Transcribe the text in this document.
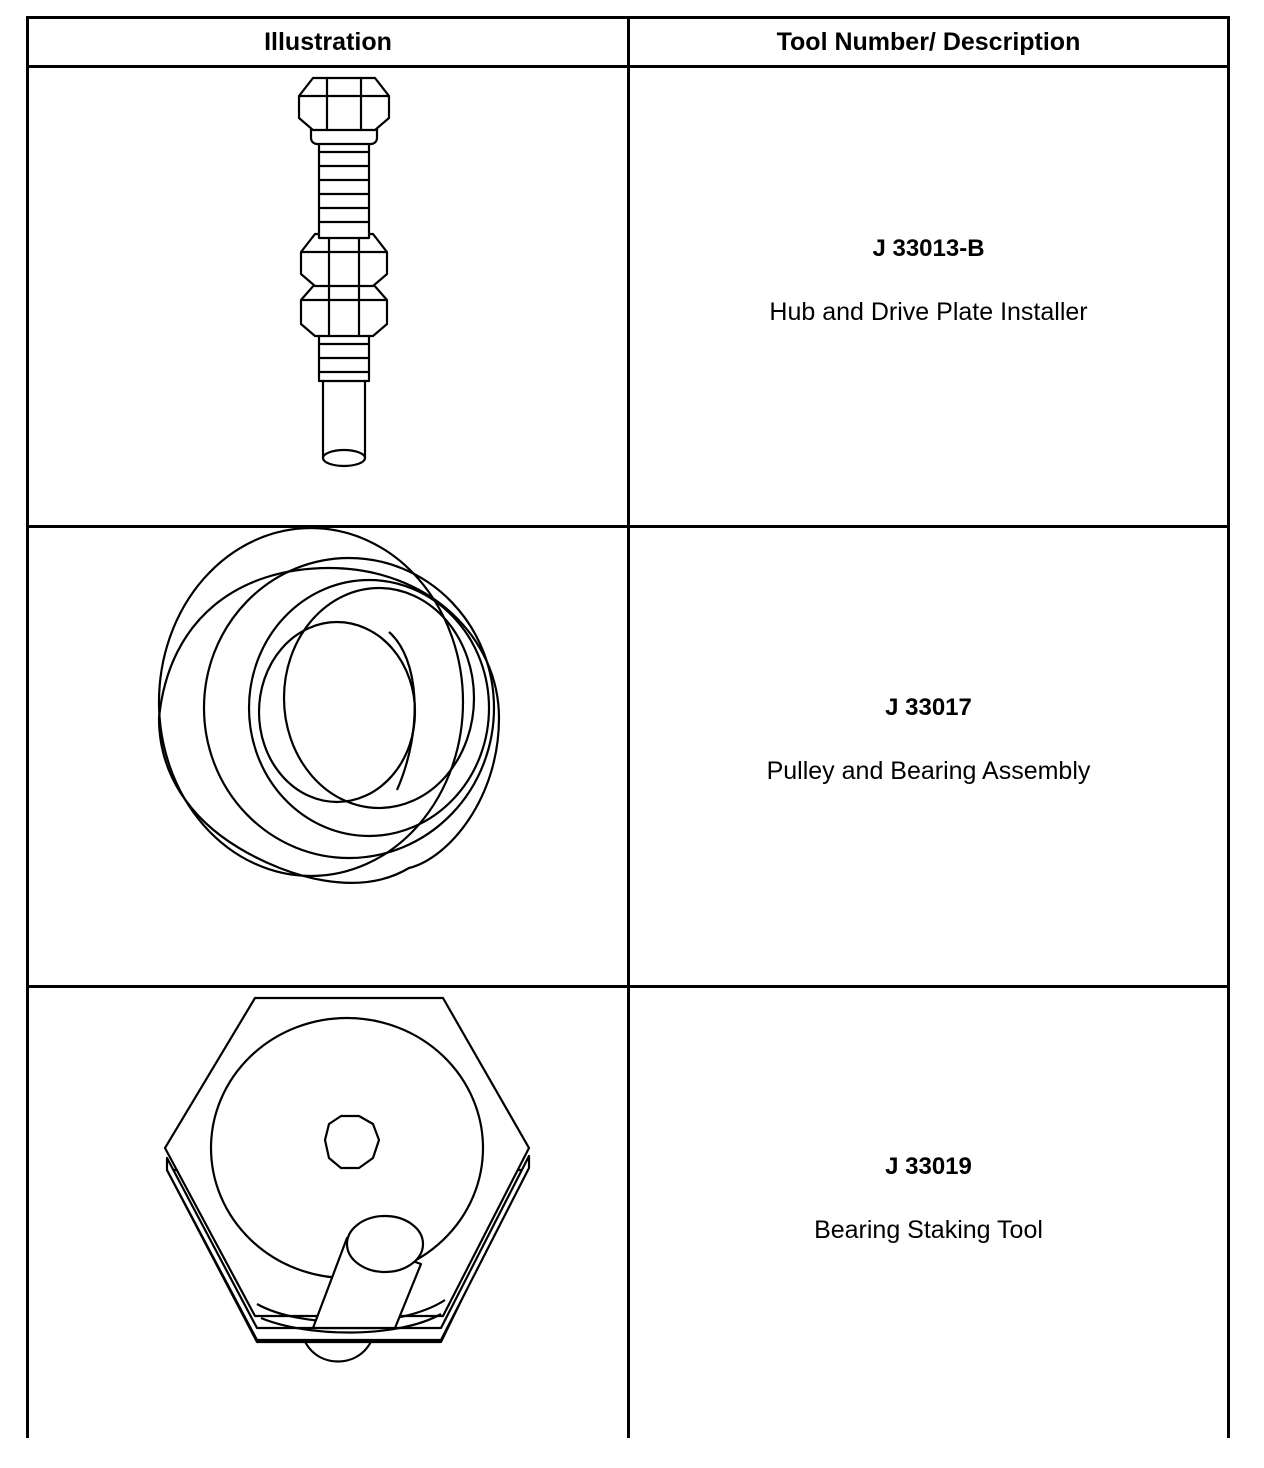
Illustration	Tool Number/ Description
J 33013-B
Hub and Drive Plate Installer
J 33017
Pulley and Bearing Assembly
J 33019
Bearing Staking Tool
